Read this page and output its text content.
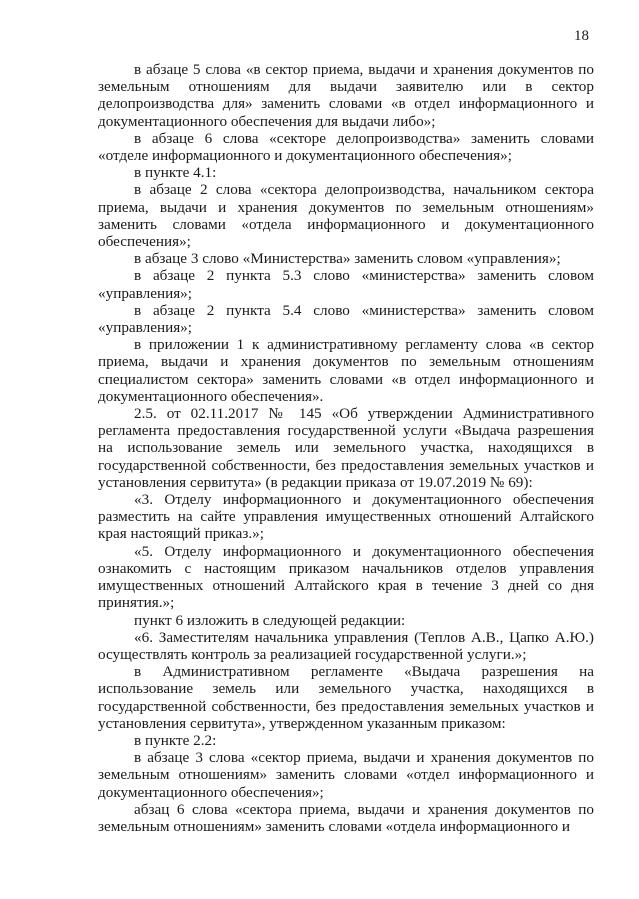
18

в абзаце 5 слова «в сектор приема, выдачи и хранения документов по земельным отношениям для выдачи заявителю или в сектор делопроизводства для» заменить словами «в отдел информационного и документационного обеспечения для выдачи либо»;

в абзаце 6 слова «секторе делопроизводства» заменить словами «отделе информационного и документационного обеспечения»;

в пункте 4.1:

в абзаце 2 слова «сектора делопроизводства, начальником сектора приема, выдачи и хранения документов по земельным отношениям» заменить словами «отдела информационного и документационного обеспечения»;

в абзаце 3 слово «Министерства» заменить словом «управления»;

в абзаце 2 пункта 5.3 слово «министерства» заменить словом «управления»;

в абзаце 2 пункта 5.4 слово «министерства» заменить словом «управления»;

в приложении 1 к административному регламенту слова «в сектор приема, выдачи и хранения документов по земельным отношениям специалистом сектора» заменить словами «в отдел информационного и документационного обеспечения».

2.5. от 02.11.2017 № 145 «Об утверждении Административного регламента предоставления государственной услуги «Выдача разрешения на использование земель или земельного участка, находящихся в государственной собственности, без предоставления земельных участков и установления сервитута» (в редакции приказа от 19.07.2019 № 69):

«3. Отделу информационного и документационного обеспечения разместить на сайте управления имущественных отношений Алтайского края настоящий приказ.»;

«5. Отделу информационного и документационного обеспечения ознакомить с настоящим приказом начальников отделов управления имущественных отношений Алтайского края в течение 3 дней со дня принятия.»;

пункт 6 изложить в следующей редакции:

«6. Заместителям начальника управления (Теплов А.В., Цапко А.Ю.) осуществлять контроль за реализацией государственной услуги.»;

в Административном регламенте «Выдача разрешения на использование земель или земельного участка, находящихся в государственной собственности, без предоставления земельных участков и установления сервитута», утвержденном указанным приказом:

в пункте 2.2:

в абзаце 3 слова «сектор приема, выдачи и хранения документов по земельным отношениям» заменить словами «отдел информационного и документационного обеспечения»;

абзац 6 слова «сектора приема, выдачи и хранения документов по земельным отношениям» заменить словами «отдела информационного и
